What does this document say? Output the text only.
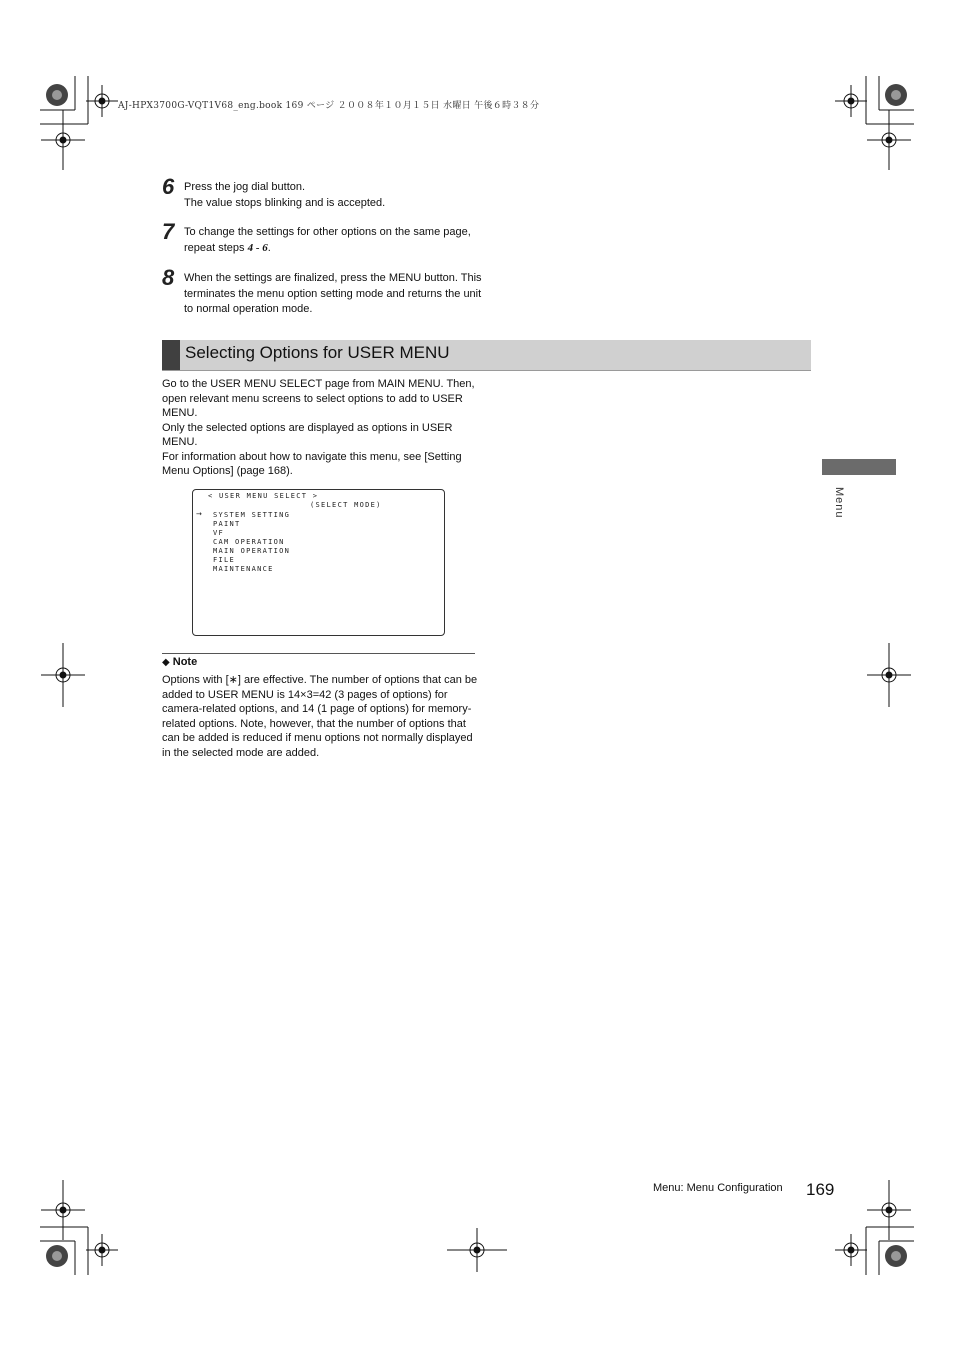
AJ-HPX3700G-VQT1V68_eng.book 169 ページ ２００８年１０月１５日 水曜日 午後６時３８分
6 Press the jog dial button.
The value stops blinking and is accepted.
7 To change the settings for other options on the same page, repeat steps 4 - 6.
8 When the settings are finalized, press the MENU button. This terminates the menu option setting mode and returns the unit to normal operation mode.
Selecting Options for USER MENU
Go to the USER MENU SELECT page from MAIN MENU. Then, open relevant menu screens to select options to add to USER MENU.
Only the selected options are displayed as options in USER MENU.
For information about how to navigate this menu, see [Setting Menu Options] (page 168).
< USER MENU SELECT >
(SELECT MODE)
→ SYSTEM SETTING
PAINT
VF
CAM OPERATION
MAIN OPERATION
FILE
MAINTENANCE
◆ Note
Options with [∗] are effective. The number of options that can be added to USER MENU is 14×3=42 (3 pages of options) for camera-related options, and 14 (1 page of options) for memory-related options. Note, however, that the number of options that can be added is reduced if menu options not normally displayed in the selected mode are added.
Menu
Menu: Menu Configuration 169
